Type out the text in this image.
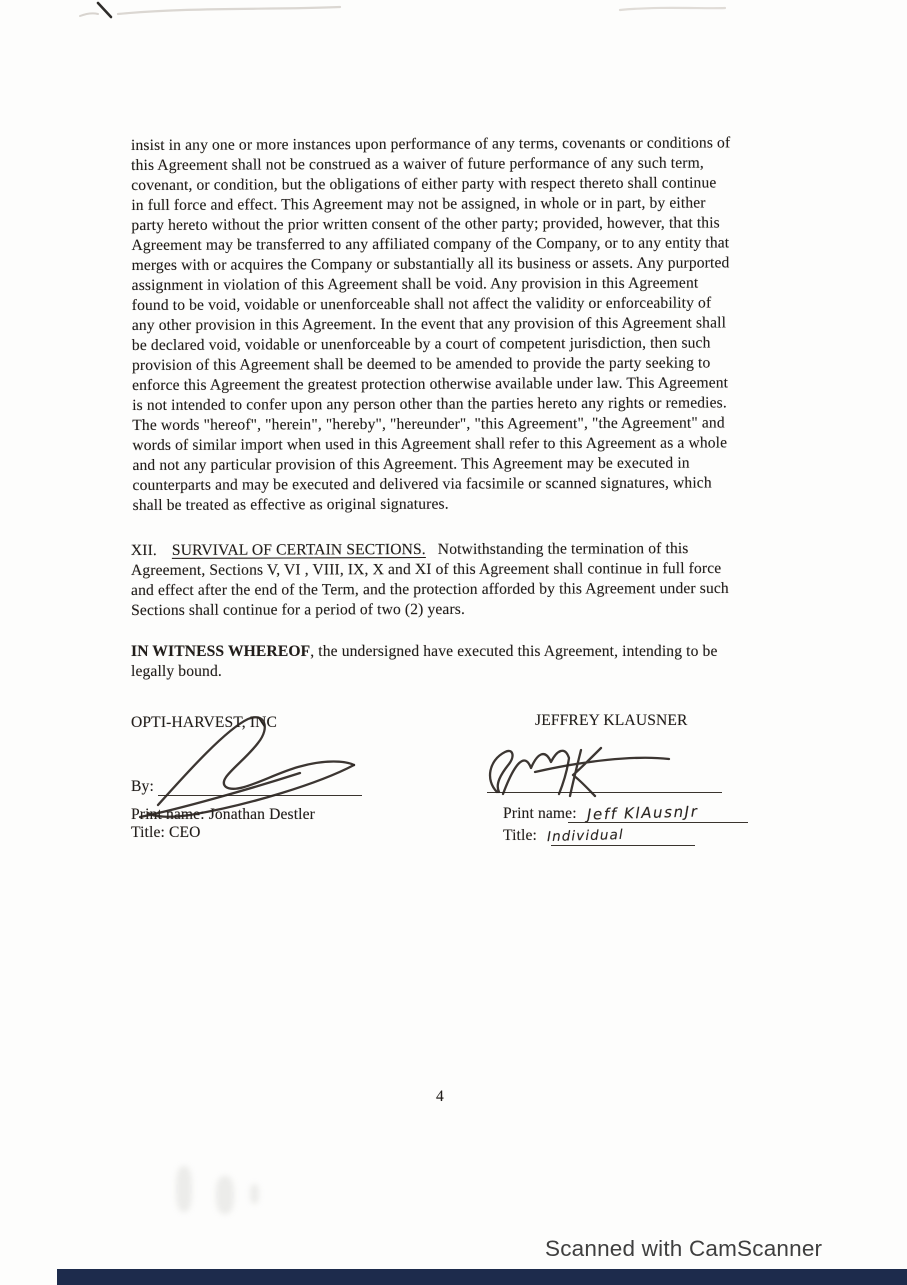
insist in any one or more instances upon performance of any terms, covenants or conditions of
this Agreement shall not be construed as a waiver of future performance of any such term,
covenant, or condition, but the obligations of either party with respect thereto shall continue
in full force and effect. This Agreement may not be assigned, in whole or in part, by either
party hereto without the prior written consent of the other party; provided, however, that this
Agreement may be transferred to any affiliated company of the Company, or to any entity that
merges with or acquires the Company or substantially all its business or assets. Any purported
assignment in violation of this Agreement shall be void. Any provision in this Agreement
found to be void, voidable or unenforceable shall not affect the validity or enforceability of
any other provision in this Agreement. In the event that any provision of this Agreement shall
be declared void, voidable or unenforceable by a court of competent jurisdiction, then such
provision of this Agreement shall be deemed to be amended to provide the party seeking to
enforce this Agreement the greatest protection otherwise available under law. This Agreement
is not intended to confer upon any person other than the parties hereto any rights or remedies.
The words "hereof", "herein", "hereby", "hereunder", "this Agreement", "the Agreement" and
words of similar import when used in this Agreement shall refer to this Agreement as a whole
and not any particular provision of this Agreement. This Agreement may be executed in
counterparts and may be executed and delivered via facsimile or scanned signatures, which
shall be treated as effective as original signatures.
XII. SURVIVAL OF CERTAIN SECTIONS. Notwithstanding the termination of this
Agreement, Sections V, VI , VIII, IX, X and XI of this Agreement shall continue in full force
and effect after the end of the Term, and the protection afforded by this Agreement under such
Sections shall continue for a period of two (2) years.
IN WITNESS WHEREOF, the undersigned have executed this Agreement, intending to be
legally bound.
OPTI-HARVEST, INC
By:
Print name: Jonathan Destler
Title: CEO
JEFFREY KLAUSNER
Print name: Jeff KlAusnJr
Title: Individual
4
Scanned with CamScanner
